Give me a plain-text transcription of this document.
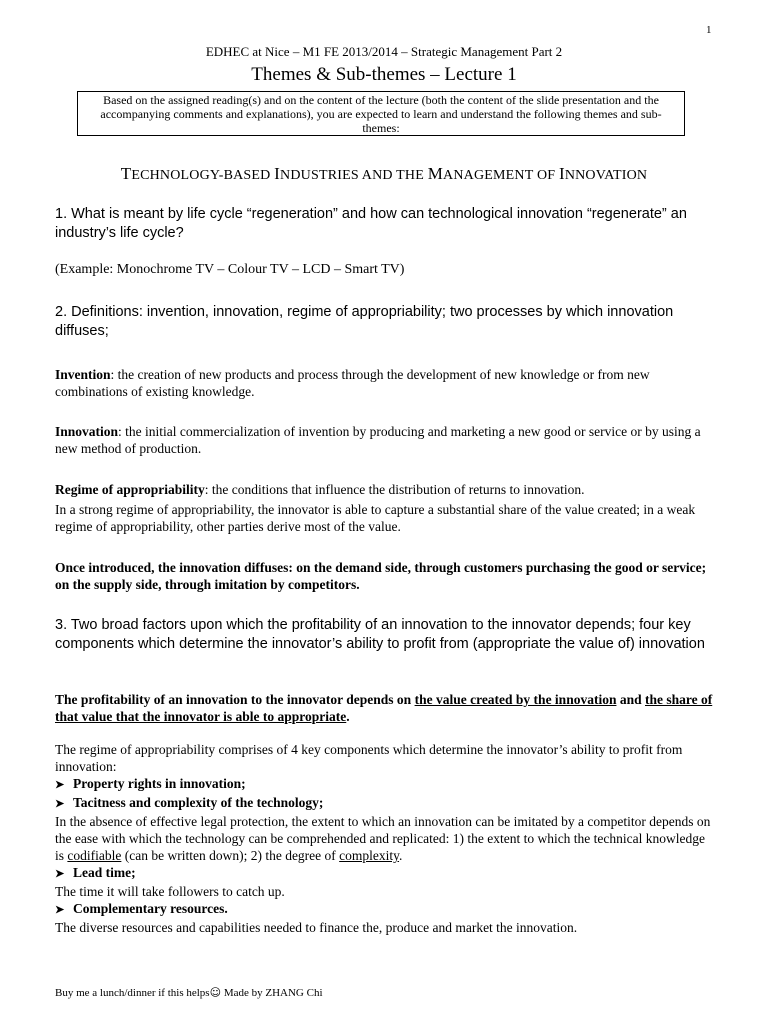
1
EDHEC at Nice – M1 FE 2013/2014 – Strategic Management Part 2
Themes & Sub-themes – Lecture 1
Based on the assigned reading(s) and on the content of the lecture (both the content of the slide presentation and the accompanying comments and explanations), you are expected to learn and understand the following themes and sub-themes:
TECHNOLOGY-BASED INDUSTRIES AND THE MANAGEMENT OF INNOVATION
1. What is meant by life cycle “regeneration” and how can technological innovation “regenerate” an industry’s life cycle?
(Example: Monochrome TV – Colour TV – LCD – Smart TV)
2. Definitions: invention, innovation, regime of appropriability; two processes by which innovation diffuses;
Invention: the creation of new products and process through the development of new knowledge or from new combinations of existing knowledge.
Innovation: the initial commercialization of invention by producing and marketing a new good or service or by using a new method of production.
Regime of appropriability: the conditions that influence the distribution of returns to innovation.
In a strong regime of appropriability, the innovator is able to capture a substantial share of the value created; in a weak regime of appropriability, other parties derive most of the value.
Once introduced, the innovation diffuses: on the demand side, through customers purchasing the good or service; on the supply side, through imitation by competitors.
3. Two broad factors upon which the profitability of an innovation to the innovator depends; four key components which determine the innovator’s ability to profit from (appropriate the value of) innovation
The profitability of an innovation to the innovator depends on the value created by the innovation and the share of that value that the innovator is able to appropriate.
The regime of appropriability comprises of 4 key components which determine the innovator’s ability to profit from innovation:
➤ Property rights in innovation;
➤ Tacitness and complexity of the technology;
In the absence of effective legal protection, the extent to which an innovation can be imitated by a competitor depends on the ease with which the technology can be comprehended and replicated: 1) the extent to which the technical knowledge is codifiable (can be written down); 2) the degree of complexity.
➤ Lead time;
The time it will take followers to catch up.
➤ Complementary resources.
The diverse resources and capabilities needed to finance the, produce and market the innovation.
Buy me a lunch/dinner if this helps☺ Made by ZHANG Chi
